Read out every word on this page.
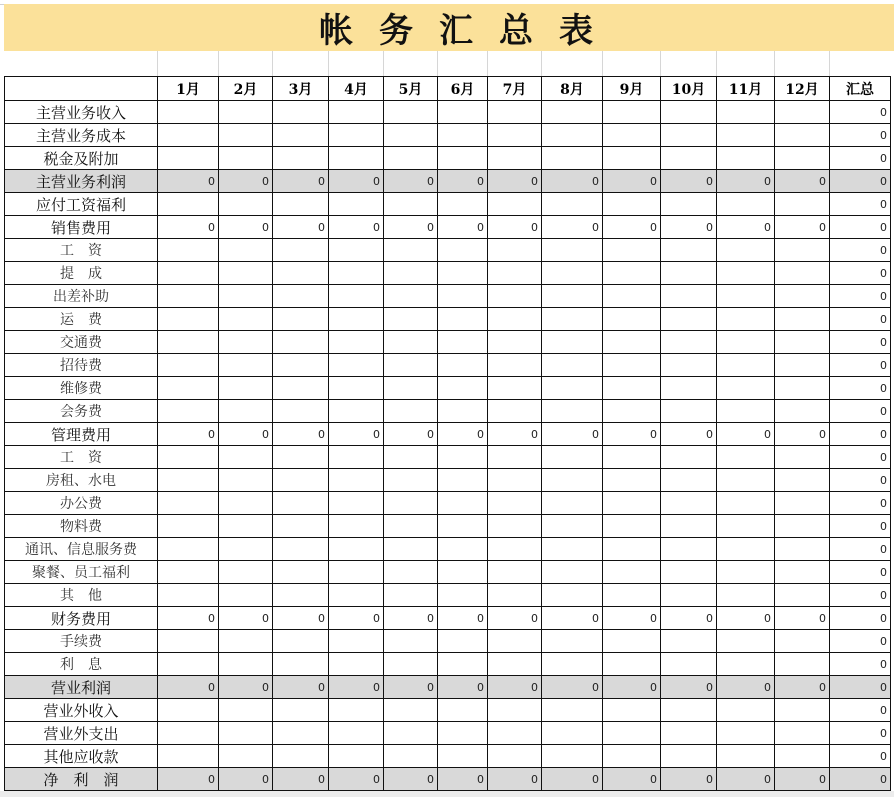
帐务汇总表
	1月	2月	3月	4月	5月	6月	7月	8月	9月	10月	11月	12月	汇总
主营业务收入													0
主营业务成本													0
税金及附加													0
主营业务利润	0	0	0	0	0	0	0	0	0	0	0	0	0
应付工资福利													0
销售费用	0	0	0	0	0	0	0	0	0	0	0	0	0
工　资													0
提　成													0
出差补助													0
运　费													0
交通费													0
招待费													0
维修费													0
会务费													0
管理费用	0	0	0	0	0	0	0	0	0	0	0	0	0
工　资													0
房租、水电													0
办公费													0
物料费													0
通讯、信息服务费													0
聚餐、员工福利													0
其　他													0
财务费用	0	0	0	0	0	0	0	0	0	0	0	0	0
手续费													0
利　息													0
营业利润	0	0	0	0	0	0	0	0	0	0	0	0	0
营业外收入													0
营业外支出													0
其他应收款													0
净　利　润	0	0	0	0	0	0	0	0	0	0	0	0	0
